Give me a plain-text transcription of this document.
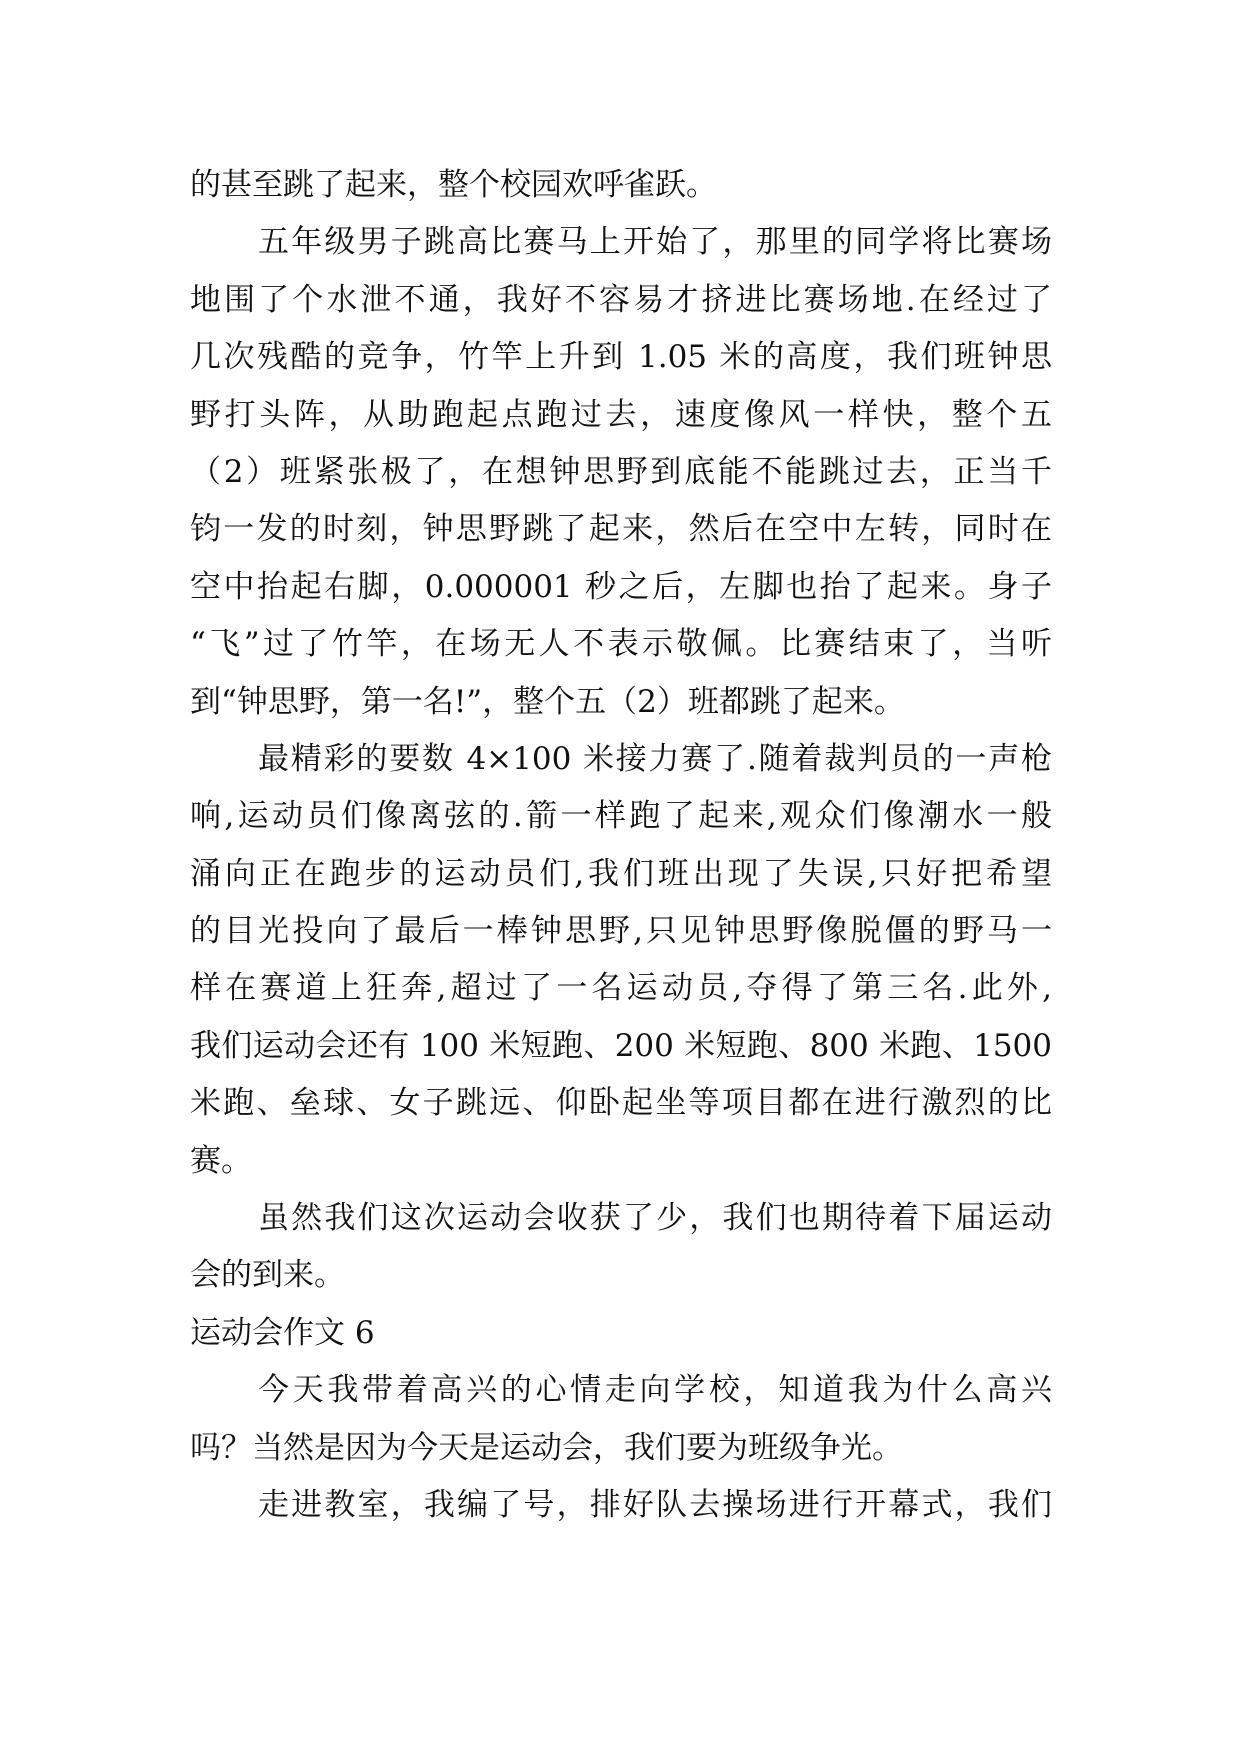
的甚至跳了起来，整个校园欢呼雀跃。
五年级男子跳高比赛马上开始了，那里的同学将比赛场
地围了个水泄不通，我好不容易才挤进比赛场地.在经过了
几次残酷的竞争，竹竿上升到 1.05 米的高度，我们班钟思
野打头阵，从助跑起点跑过去，速度像风一样快，整个五
（2）班紧张极了，在想钟思野到底能不能跳过去，正当千
钧一发的时刻，钟思野跳了起来，然后在空中左转，同时在
空中抬起右脚，0.000001 秒之后，左脚也抬了起来。身子
“飞”过了竹竿，在场无人不表示敬佩。比赛结束了，当听
到“钟思野，第一名!”，整个五（2）班都跳了起来。
最精彩的要数 4×100 米接力赛了.随着裁判员的一声枪
响,运动员们像离弦的.箭一样跑了起来,观众们像潮水一般
涌向正在跑步的运动员们,我们班出现了失误,只好把希望
的目光投向了最后一棒钟思野,只见钟思野像脱僵的野马一
样在赛道上狂奔,超过了一名运动员,夺得了第三名.此外,
我们运动会还有 100 米短跑、200 米短跑、800 米跑、1500
米跑、垒球、女子跳远、仰卧起坐等项目都在进行激烈的比
赛。
虽然我们这次运动会收获了少，我们也期待着下届运动
会的到来。
运动会作文 6
今天我带着高兴的心情走向学校，知道我为什么高兴
吗？当然是因为今天是运动会，我们要为班级争光。
走进教室，我编了号，排好队去操场进行开幕式，我们
